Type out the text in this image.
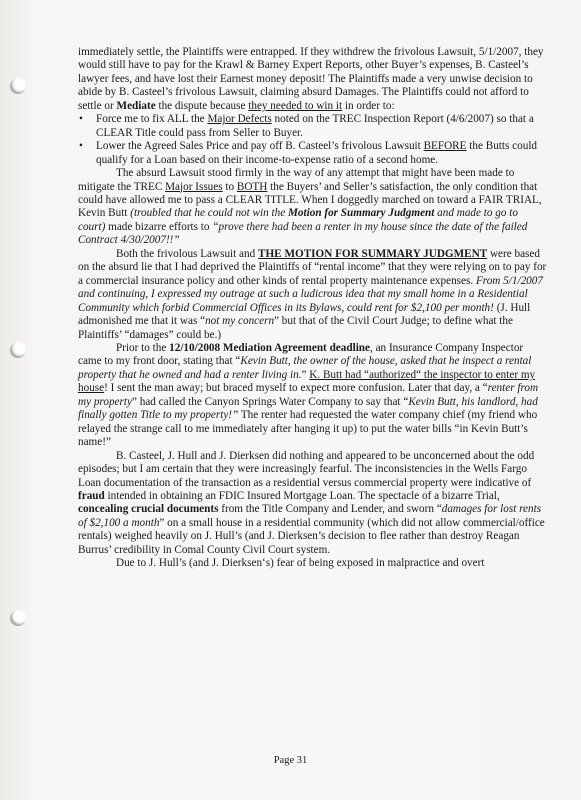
immediately settle, the Plaintiffs were entrapped. If they withdrew the frivolous Lawsuit, 5/1/2007, they would still have to pay for the Krawl & Barney Expert Reports, other Buyer’s expenses, B. Casteel’s lawyer fees, and have lost their Earnest money deposit! The Plaintiffs made a very unwise decision to abide by B. Casteel’s frivolous Lawsuit, claiming absurd Damages. The Plaintiffs could not afford to settle or Mediate the dispute because they needed to win it in order to:

• Force me to fix ALL the Major Defects noted on the TREC Inspection Report (4/6/2007) so that a CLEAR Title could pass from Seller to Buyer.
• Lower the Agreed Sales Price and pay off B. Casteel’s frivolous Lawsuit BEFORE the Butts could qualify for a Loan based on their income-to-expense ratio of a second home.

The absurd Lawsuit stood firmly in the way of any attempt that might have been made to mitigate the TREC Major Issues to BOTH the Buyers’ and Seller’s satisfaction, the only condition that could have allowed me to pass a CLEAR TITLE. When I doggedly marched on toward a FAIR TRIAL, Kevin Butt (troubled that he could not win the Motion for Summary Judgment and made to go to court) made bizarre efforts to “prove there had been a renter in my house since the date of the failed Contract 4/30/2007!!”

Both the frivolous Lawsuit and THE MOTION FOR SUMMARY JUDGMENT were based on the absurd lie that I had deprived the Plaintiffs of “rental income” that they were relying on to pay for a commercial insurance policy and other kinds of rental property maintenance expenses. From 5/1/2007 and continuing, I expressed my outrage at such a ludicrous idea that my small home in a Residential Community which forbid Commercial Offices in its Bylaws, could rent for $2,100 per month! (J. Hull admonished me that it was “not my concern” but that of the Civil Court Judge; to define what the Plaintiffs’ “damages” could be.)

Prior to the 12/10/2008 Mediation Agreement deadline, an Insurance Company Inspector came to my front door, stating that “Kevin Butt, the owner of the house, asked that he inspect a rental property that he owned and had a renter living in.” K. Butt had “authorized“ the inspector to enter my house! I sent the man away; but braced myself to expect more confusion. Later that day, a “renter from my property” had called the Canyon Springs Water Company to say that “Kevin Butt, his landlord, had finally gotten Title to my property!” The renter had requested the water company chief (my friend who relayed the strange call to me immediately after hanging it up) to put the water bills “in Kevin Butt’s name!”

B. Casteel, J. Hull and J. Dierksen did nothing and appeared to be unconcerned about the odd episodes; but I am certain that they were increasingly fearful. The inconsistencies in the Wells Fargo Loan documentation of the transaction as a residential versus commercial property were indicative of fraud intended in obtaining an FDIC Insured Mortgage Loan. The spectacle of a bizarre Trial, concealing crucial documents from the Title Company and Lender, and sworn “damages for lost rents of $2,100 a month” on a small house in a residential community (which did not allow commercial/office rentals) weighed heavily on J. Hull’s (and J. Dierksen’s decision to flee rather than destroy Reagan Burrus’ credibility in Comal County Civil Court system.

Due to J. Hull’s (and J. Dierksen‘s) fear of being exposed in malpractice and overt

Page 31
